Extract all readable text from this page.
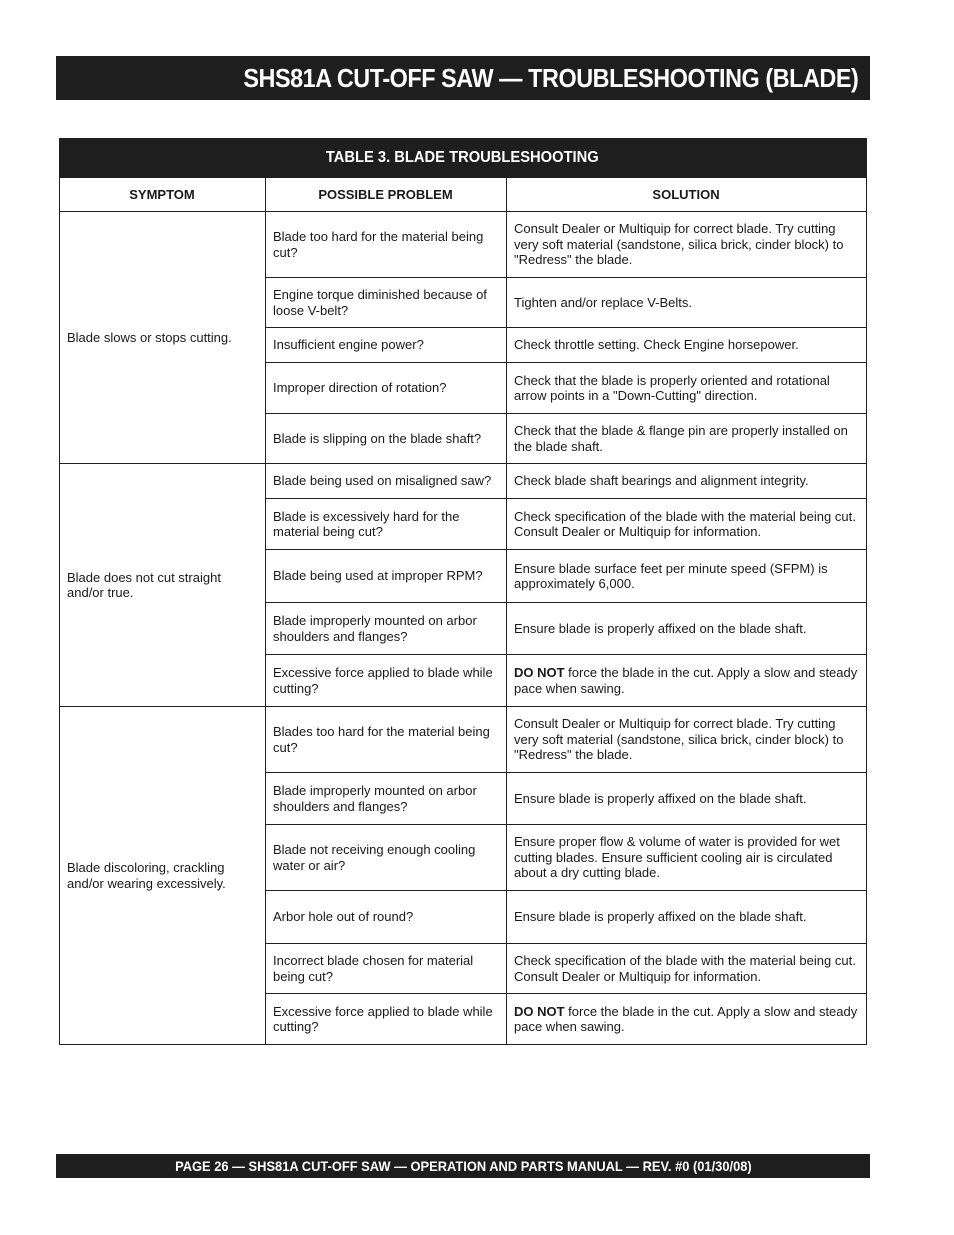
SHS81A CUT-OFF SAW — TROUBLESHOOTING (BLADE)
TABLE 3. BLADE TROUBLESHOOTING		
SYMPTOM	POSSIBLE PROBLEM	SOLUTION
Blade slows or stops cutting.	Blade too hard for the material being cut?	Consult Dealer or Multiquip for correct blade. Try cutting very soft material (sandstone, silica brick, cinder block) to "Redress" the blade.
	Engine torque diminished because of loose V-belt?	Tighten and/or replace V-Belts.
	Insufficient engine power?	Check throttle setting. Check Engine horsepower.
	Improper direction of rotation?	Check that the blade is properly oriented and rotational arrow points in a "Down-Cutting" direction.
	Blade is slipping on the blade shaft?	Check that the blade & flange pin are properly installed on the blade shaft.
Blade does not cut straight and/or true.	Blade being used on misaligned saw?	Check blade shaft bearings and alignment integrity.
	Blade is excessively hard for the material being cut?	Check specification of the blade with the material being cut. Consult Dealer or Multiquip for information.
	Blade being used at improper RPM?	Ensure blade surface feet per minute speed (SFPM) is approximately 6,000.
	Blade improperly mounted on arbor shoulders and flanges?	Ensure blade is properly affixed on the blade shaft.
	Excessive force applied to blade while cutting?	DO NOT force the blade in the cut. Apply a slow and steady pace when sawing.
Blade discoloring, crackling and/or wearing excessively.	Blades too hard for the material being cut?	Consult Dealer or Multiquip for correct blade. Try cutting very soft material (sandstone, silica brick, cinder block) to "Redress" the blade.
	Blade improperly mounted on arbor shoulders and flanges?	Ensure blade is properly affixed on the blade shaft.
	Blade not receiving enough cooling water or air?	Ensure proper flow & volume of water is provided for wet cutting blades. Ensure sufficient cooling air is circulated about a dry cutting blade.
	Arbor hole out of round?	Ensure blade is properly affixed on the blade shaft.
	Incorrect blade chosen for material being cut?	Check specification of the blade with the material being cut. Consult Dealer or Multiquip for information.
	Excessive force applied to blade while cutting?	DO NOT force the blade in the cut. Apply a slow and steady pace when sawing.
PAGE 26 — SHS81A CUT-OFF SAW — OPERATION AND PARTS MANUAL — REV. #0 (01/30/08)
